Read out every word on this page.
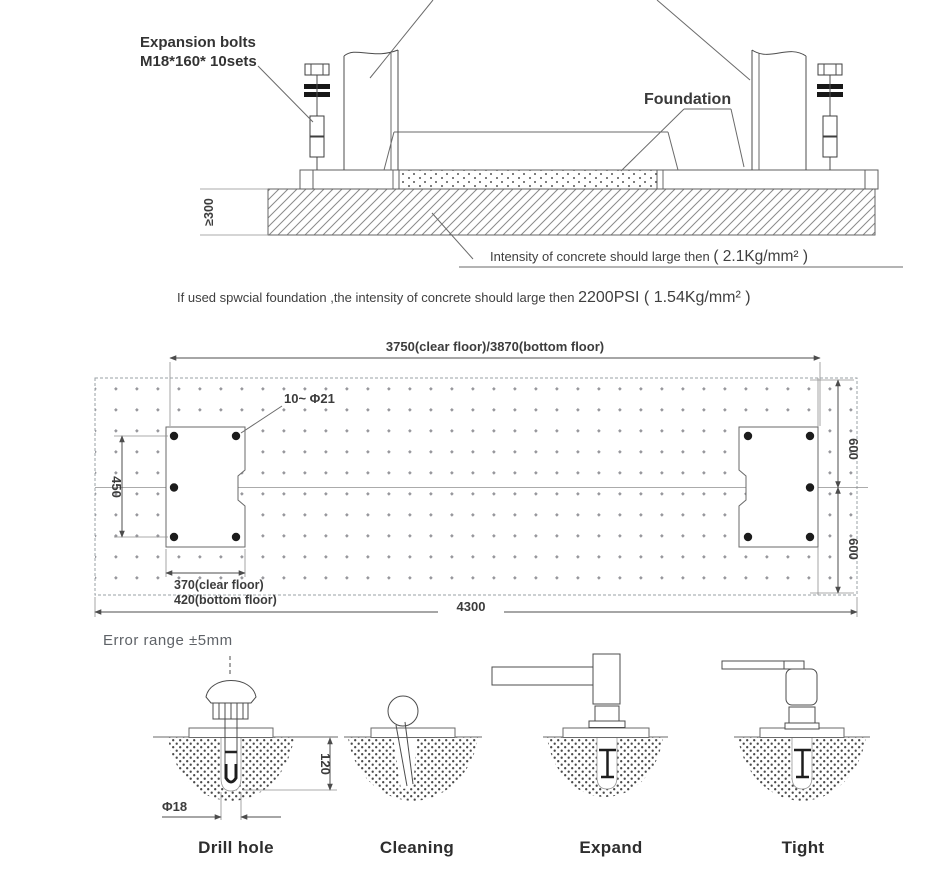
≥300
Expansion bolts
M18*160* 10sets
Foundation
Intensity of concrete should large then ( 2.1Kg/mm² )
If used spwcial foundation ,the intensity of concrete should large then 2200PSI ( 1.54Kg/mm² )
3750(clear floor)/3870(bottom floor)
10~ Φ21
450
600
600
370(clear floor)
420(bottom floor)	4300
Error range ±5mm
120
Φ18
Drill hole	Cleaning	Expand	Tight
